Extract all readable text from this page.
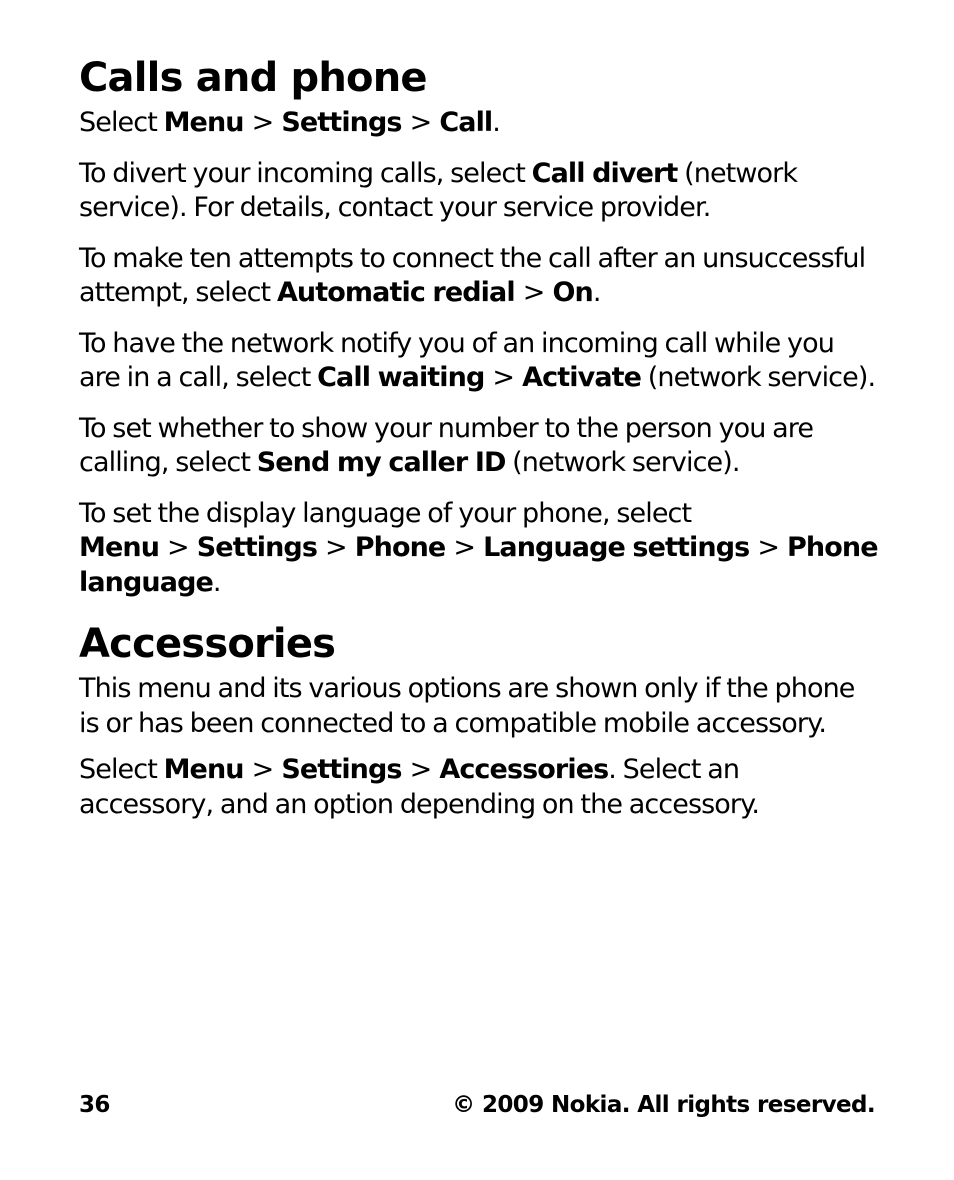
Calls and phone

Select Menu > Settings > Call.

To divert your incoming calls, select Call divert (network service). For details, contact your service provider.

To make ten attempts to connect the call after an unsuccessful attempt, select Automatic redial > On.

To have the network notify you of an incoming call while you are in a call, select Call waiting > Activate (network service).

To set whether to show your number to the person you are calling, select Send my caller ID (network service).

To set the display language of your phone, select Menu > Settings > Phone > Language settings > Phone language.

Accessories

This menu and its various options are shown only if the phone is or has been connected to a compatible mobile accessory.

Select Menu > Settings > Accessories. Select an accessory, and an option depending on the accessory.

36	© 2009 Nokia. All rights reserved.
